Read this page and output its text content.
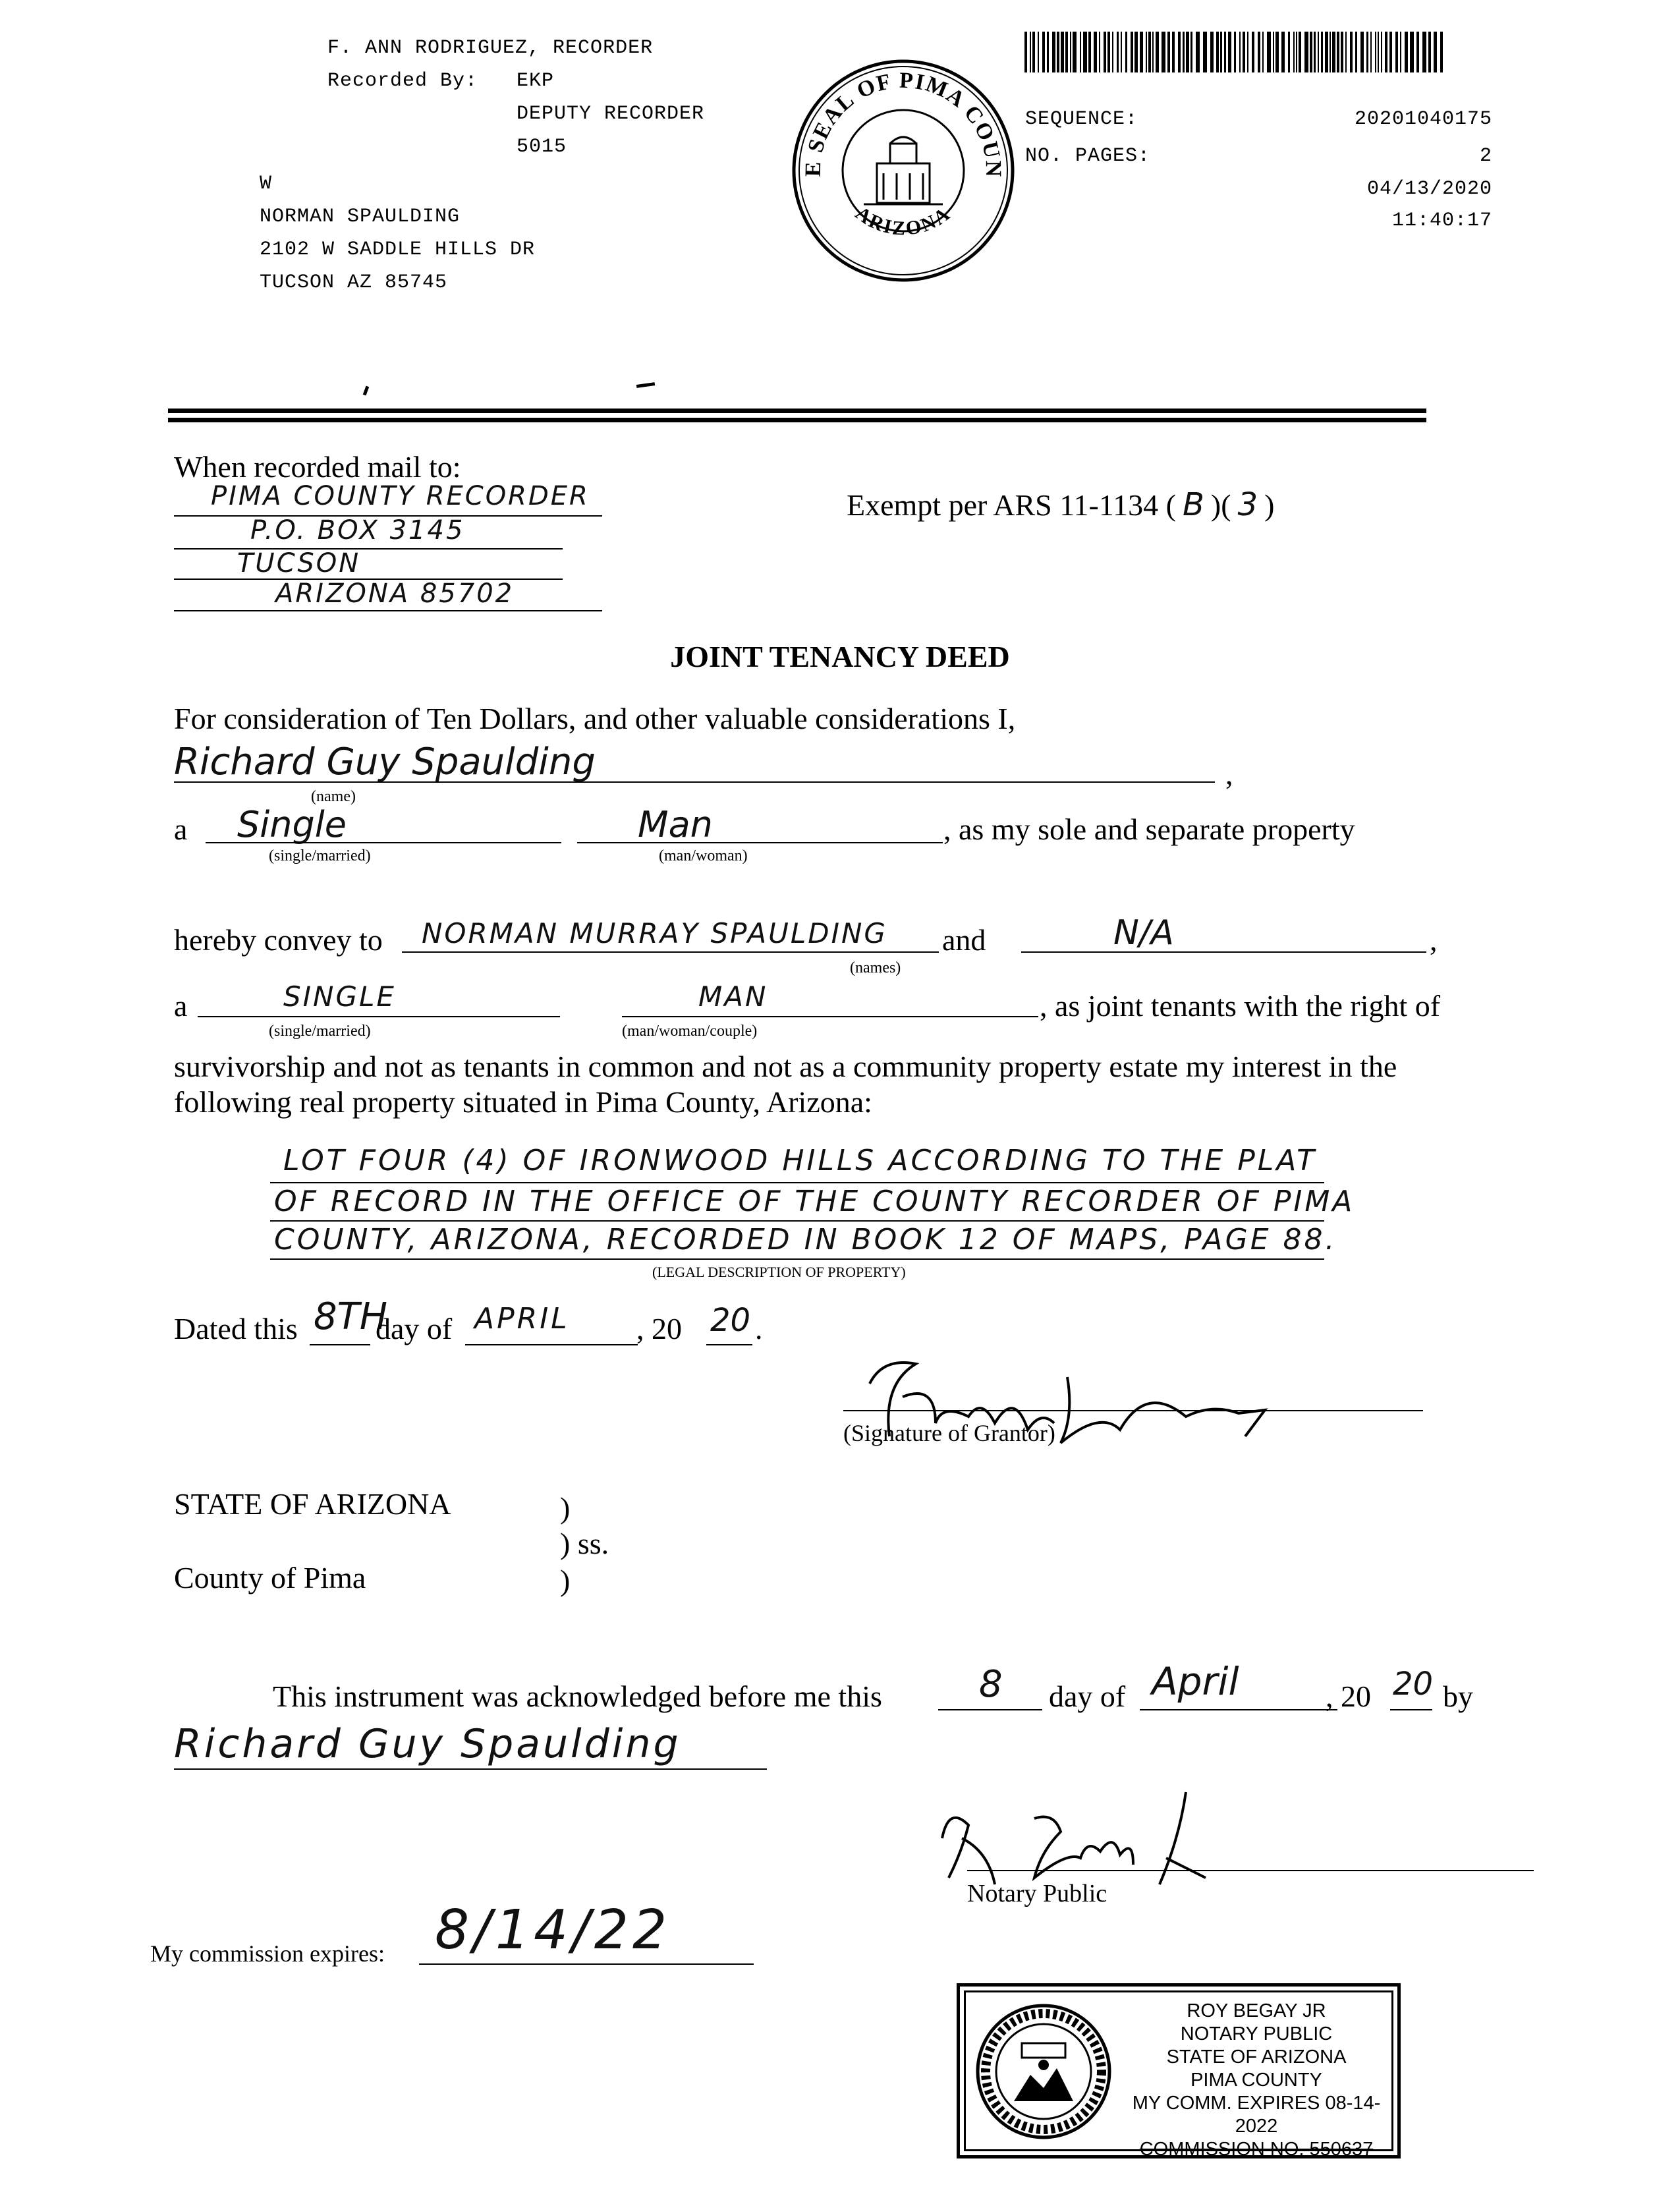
F. ANN RODRIGUEZ, RECORDER
Recorded By: EKP
DEPUTY RECORDER
5015
W
NORMAN SPAULDING
2102 W SADDLE HILLS DR
TUCSON AZ 85745
E SEAL OF PIMA COUN
ARIZONA
SEQUENCE:	20201040175
NO. PAGES:	2
04/13/2020
11:40:17
When recorded mail to:
PIMA COUNTY RECORDER
P.O. BOX 3145
TUCSON
ARIZONA 85702
Exempt per ARS 11-1134 ( B )( 3 )
JOINT TENANCY DEED
For consideration of Ten Dollars, and other valuable considerations I,
Richard Guy Spaulding	,
(name)
a Single	Man	, as my sole and separate property
(single/married)	(man/woman)
hereby convey to NORMAN MURRAY SPAULDING and	N/A	,
(names)
a	SINGLE	MAN	, as joint tenants with the right of
(single/married)	(man/woman/couple)
survivorship and not as tenants in common and not as a community property estate my interest in the
following real property situated in Pima County, Arizona:
LOT FOUR (4) OF IRONWOOD HILLS ACCORDING TO THE PLAT
OF RECORD IN THE OFFICE OF THE COUNTY RECORDER OF PIMA
COUNTY, ARIZONA, RECORDED IN BOOK 12 OF MAPS, PAGE 88.
(LEGAL DESCRIPTION OF PROPERTY)
Dated this 8TH
day of APRIL , 20 20 .
(Signature of Grantor)
STATE OF ARIZONA	)
) ss.
County of Pima	)
This instrument was acknowledged before me this	8 day of April	, 20 20 by
Richard Guy Spaulding
Notary Public
My commission expires: 8/14/22
ROY BEGAY JR
NOTARY PUBLIC
STATE OF ARIZONA
PIMA COUNTY
MY COMM. EXPIRES 08-14-2022
COMMISSION NO. 550637
